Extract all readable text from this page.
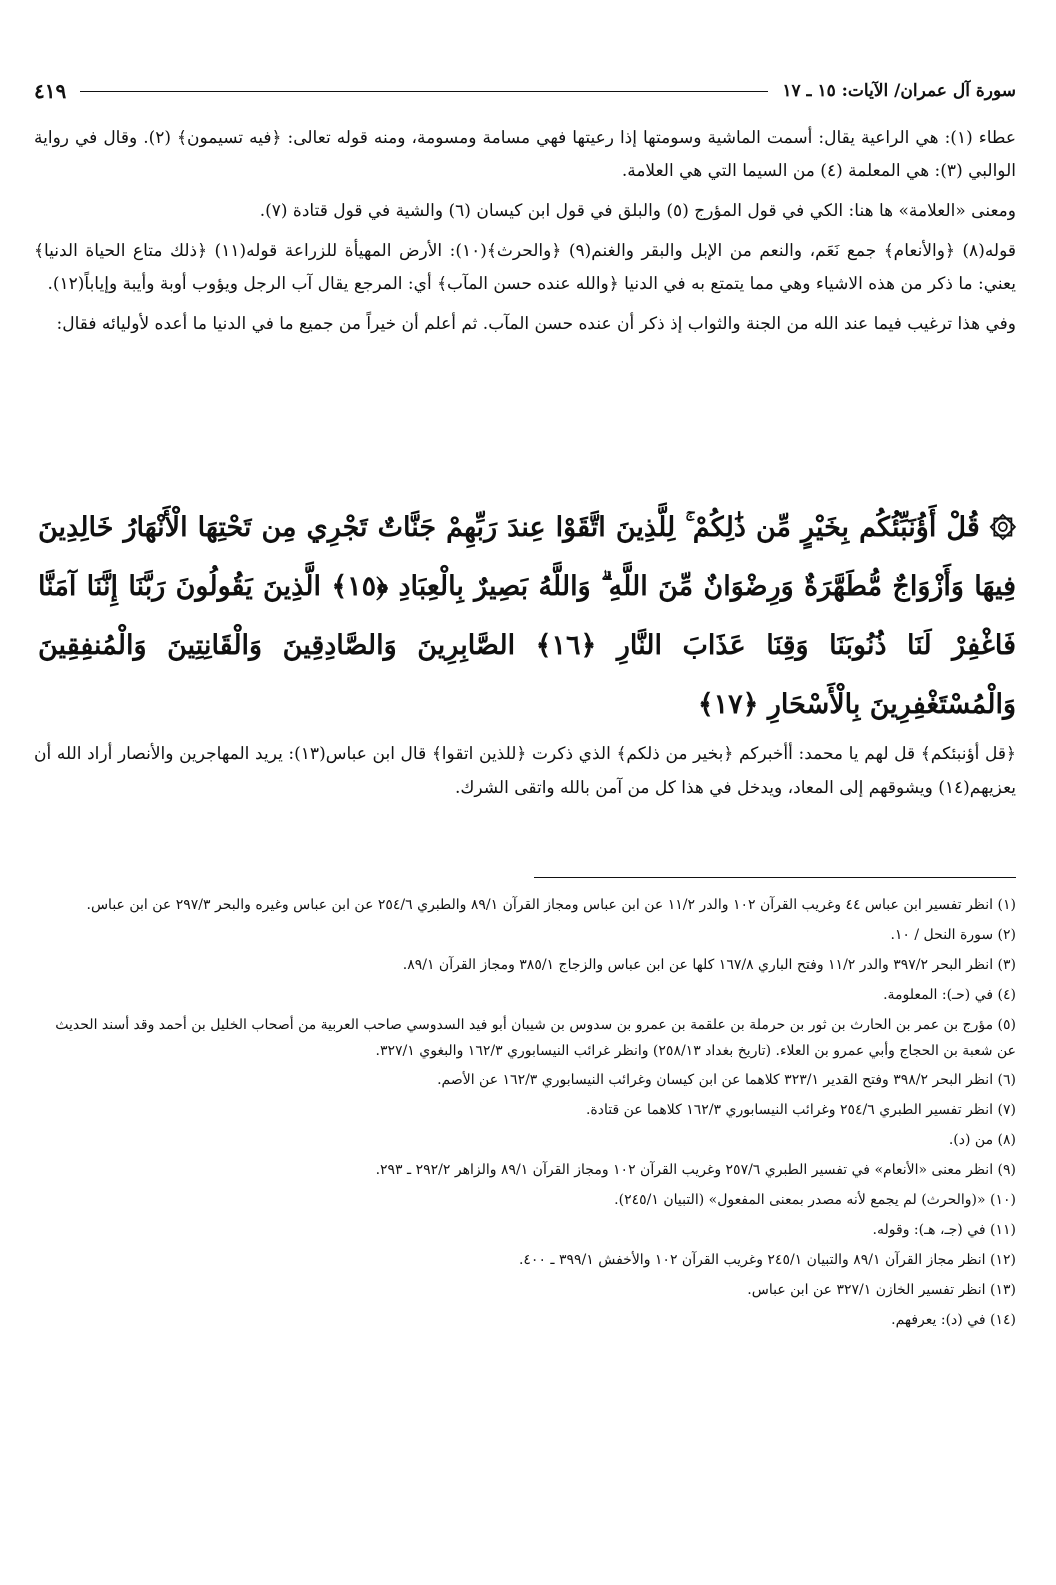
سورة آل عمران/ الآيات: ١٥ ـ ١٧
٤١٩

عطاء (١): هي الراعية يقال: أسمت الماشية وسومتها إذا رعيتها فهي مسامة ومسومة، ومنه قوله تعالى: ﴿فيه تسيمون﴾ (٢). وقال في رواية الوالبي (٣): هي المعلمة (٤) من السيما التي هي العلامة.

ومعنى «العلامة» ها هنا: الكي في قول المؤرج (٥) والبلق في قول ابن كيسان (٦) والشية في قول قتادة (٧).

قوله(٨) ﴿والأنعام﴾ جمع نَعَم، والنعم من الإبل والبقر والغنم(٩) ﴿والحرث﴾(١٠): الأرض المهيأة للزراعة قوله(١١) ﴿ذلك متاع الحياة الدنيا﴾ يعني: ما ذكر من هذه الاشياء وهي مما يتمتع به في الدنيا ﴿والله عنده حسن المآب﴾ أي: المرجع يقال آب الرجل ويؤوب أوبة وأيبة وإياباً(١٢).

وفي هذا ترغيب فيما عند الله من الجنة والثواب إذ ذكر أن عنده حسن المآب. ثم أعلم أن خيراً من جميع ما في الدنيا ما أعده لأوليائه فقال:

۞ قُلْ أَؤُنَبِّئُكُم بِخَيْرٍ مِّن ذَٰلِكُمْ ۚ لِلَّذِينَ اتَّقَوْا عِندَ رَبِّهِمْ جَنَّاتٌ تَجْرِي مِن تَحْتِهَا الْأَنْهَارُ خَالِدِينَ فِيهَا وَأَزْوَاجٌ مُّطَهَّرَةٌ وَرِضْوَانٌ مِّنَ اللَّهِ ۗ وَاللَّهُ بَصِيرٌ بِالْعِبَادِ ﴿١٥﴾ الَّذِينَ يَقُولُونَ رَبَّنَا إِنَّنَا آمَنَّا فَاغْفِرْ لَنَا ذُنُوبَنَا وَقِنَا عَذَابَ النَّارِ ﴿١٦﴾ الصَّابِرِينَ وَالصَّادِقِينَ وَالْقَانِتِينَ وَالْمُنفِقِينَ وَالْمُسْتَغْفِرِينَ بِالْأَسْحَارِ ﴿١٧﴾
﴿قل أؤنبئكم﴾ قل لهم يا محمد: أأخبركم ﴿بخير من ذلكم﴾ الذي ذكرت ﴿للذين اتقوا﴾ قال ابن عباس(١٣): يريد المهاجرين والأنصار أراد الله أن يعزيهم(١٤) ويشوقهم إلى المعاد، ويدخل في هذا كل من آمن بالله واتقى الشرك.
(١) انظر تفسير ابن عباس ٤٤ وغريب القرآن ١٠٢ والدر ١١/٢ عن ابن عباس ومجاز القرآن ٨٩/١ والطبري ٢٥٤/٦ عن ابن عباس وغيره والبحر ٢٩٧/٣ عن ابن عباس.
(٢) سورة النحل / ١٠.
(٣) انظر البحر ٣٩٧/٢ والدر ١١/٢ وفتح الباري ١٦٧/٨ كلها عن ابن عباس والزجاج ٣٨٥/١ ومجاز القرآن ٨٩/١.
(٤) في (حـ): المعلومة.
(٥) مؤرج بن عمر بن الحارث بن ثور بن حرملة بن علقمة بن عمرو بن سدوس بن شيبان أبو فيد السدوسي صاحب العربية من أصحاب الخليل بن أحمد وقد أسند الحديث عن شعبة بن الحجاج وأبي عمرو بن العلاء. (تاريخ بغداد ٢٥٨/١٣) وانظر غرائب النيسابوري ١٦٢/٣ والبغوي ٣٢٧/١.
(٦) انظر البحر ٣٩٨/٢ وفتح القدير ٣٢٣/١ كلاهما عن ابن كيسان وغرائب النيسابوري ١٦٢/٣ عن الأصم.
(٧) انظر تفسير الطبري ٢٥٤/٦ وغرائب النيسابوري ١٦٢/٣ كلاهما عن قتادة.
(٨) من (د).
(٩) انظر معنى «الأنعام» في تفسير الطبري ٢٥٧/٦ وغريب القرآن ١٠٢ ومجاز القرآن ٨٩/١ والزاهر ٢٩٢/٢ ـ ٢٩٣.
(١٠) «(والحرث) لم يجمع لأنه مصدر بمعنى المفعول» (التبيان ٢٤٥/١).
(١١) في (جـ، هـ): وقوله.
(١٢) انظر مجاز القرآن ٨٩/١ والتبيان ٢٤٥/١ وغريب القرآن ١٠٢ والأخفش ٣٩٩/١ ـ ٤٠٠.
(١٣) انظر تفسير الخازن ٣٢٧/١ عن ابن عباس.
(١٤) في (د): يعرفهم.
